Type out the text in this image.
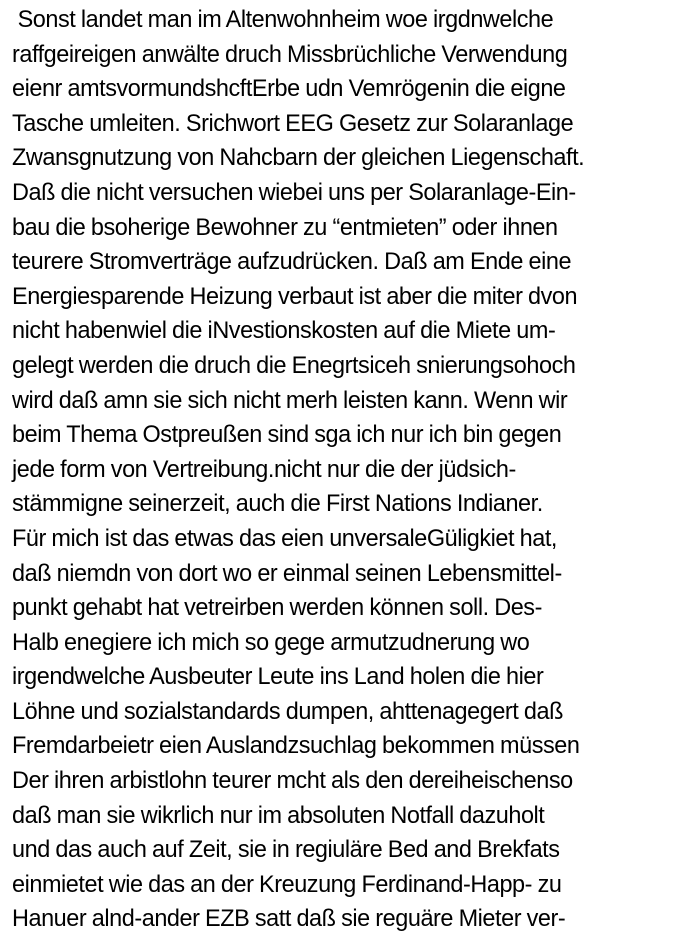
Sonst landet man im Altenwohnheim woe irgdnwelche
raffgeireigen anwälte druch Missbrüchliche Verwendung
eienr amtsvormundshcftErbe udn Vemrögenin die eigne
Tasche umleiten. Srichwort EEG Gesetz zur Solaranlage
Zwansgnutzung von Nahcbarn der gleichen Liegenschaft.
Daß die nicht versuchen wiebei uns per Solaranlage-Ein-
bau die bsoherige Bewohner zu “entmieten” oder ihnen
teurere Stromverträge aufzudrücken. Daß am Ende eine
Energiesparende Heizung verbaut ist aber die miter dvon
nicht habenwiel die iNvestionskosten auf die Miete um-
gelegt werden die druch die Enegrtsiceh snierungsohoch
wird daß amn sie sich nicht merh leisten kann. Wenn wir
beim Thema Ostpreußen sind sga ich nur ich bin gegen
jede form von Vertreibung.nicht nur die der jüdsich-
stämmigne seinerzeit, auch die First Nations Indianer.
Für mich ist das etwas das eien unversaleGüligkiet hat,
daß niemdn von dort wo er einmal seinen Lebensmittel-
punkt gehabt hat vetreirben werden können soll. Des-
Halb enegiere ich mich so gege armutzudnerung wo
irgendwelche Ausbeuter Leute ins Land holen die hier
Löhne und sozialstandards dumpen, ahttenagegert daß
Fremdarbeietr eien Auslandzsuchlag bekommen müssen
Der ihren arbistlohn teurer mcht als den dereiheischenso
daß man sie wikrlich nur im absoluten Notfall dazuholt
und das auch auf Zeit, sie in regiuläre Bed and Brekfats
einmietet wie das an der Kreuzung Ferdinand-Happ- zu
Hanuer alnd-ander EZB satt daß sie reguäre Mieter ver-
